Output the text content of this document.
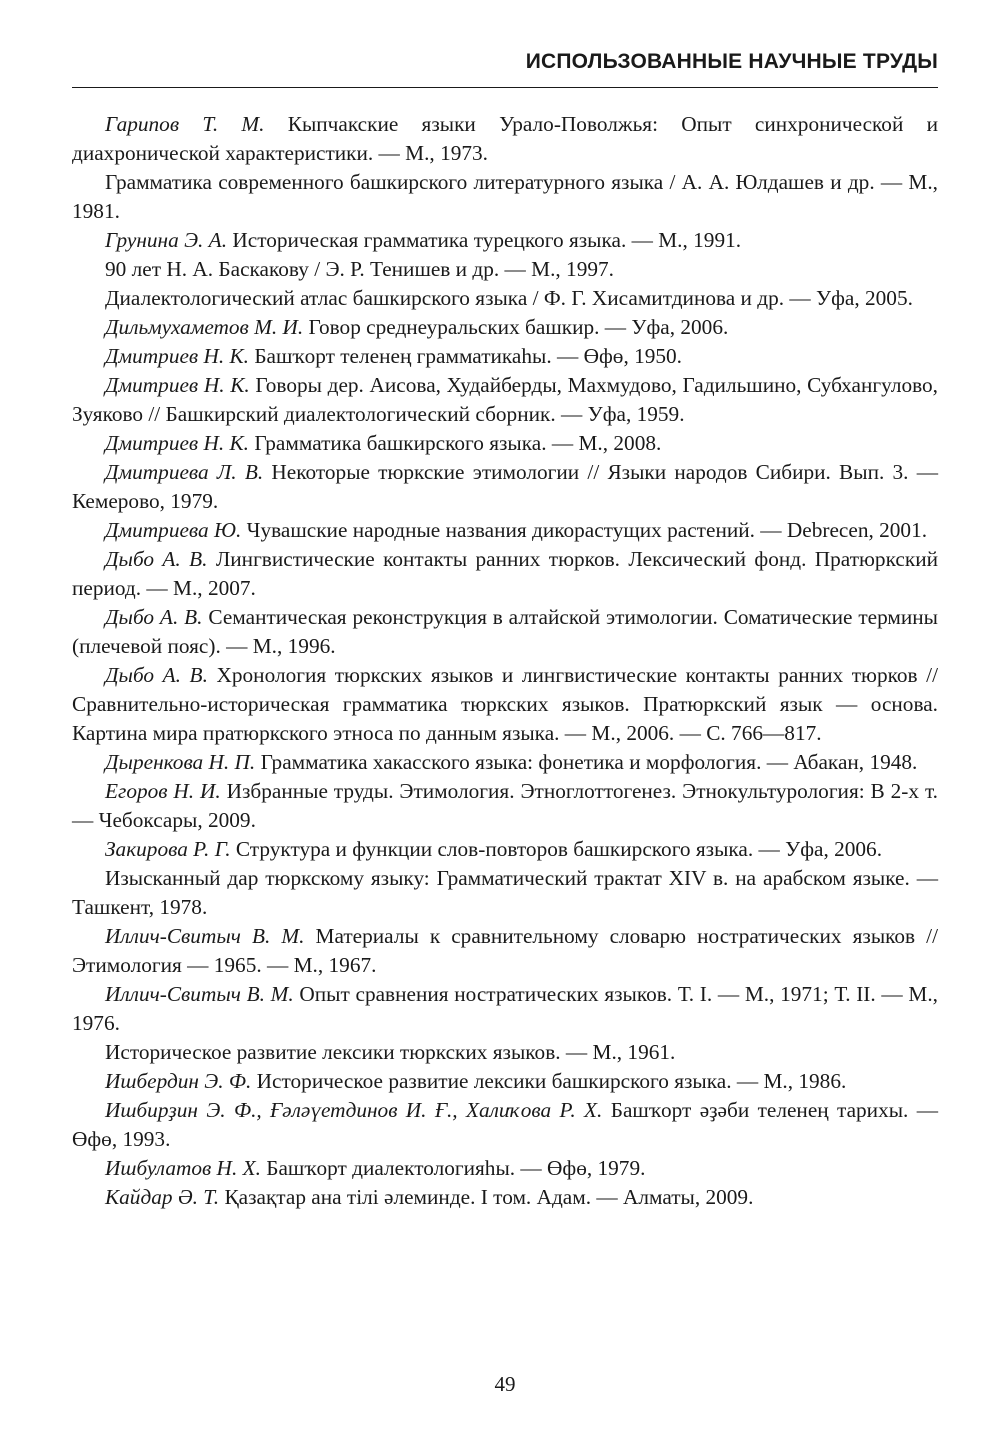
ИСПОЛЬЗОВАННЫЕ НАУЧНЫЕ ТРУДЫ
Гарипов Т. М. Кыпчакские языки Урало-Поволжья: Опыт синхронической и диахронической характеристики. — М., 1973.
Грамматика современного башкирского литературного языка / А. А. Юлдашев и др. — М., 1981.
Грунина Э. А. Историческая грамматика турецкого языка. — М., 1991.
90 лет Н. А. Баскакову / Э. Р. Тенишев и др. — М., 1997.
Диалектологический атлас башкирского языка / Ф. Г. Хисамитдинова и др. — Уфа, 2005.
Дильмухаметов М. И. Говор среднеуральских башкир. — Уфа, 2006.
Дмитриев Н. К. Башҡорт теленең грамматикаһы. — Өфө, 1950.
Дмитриев Н. К. Говоры дер. Аисова, Худайберды, Махмудово, Гадильшино, Субхангулово, Зуяково // Башкирский диалектологический сборник. — Уфа, 1959.
Дмитриев Н. К. Грамматика башкирского языка. — М., 2008.
Дмитриева Л. В. Некоторые тюркские этимологии // Языки народов Сибири. Вып. 3. — Кемерово, 1979.
Дмитриева Ю. Чувашские народные названия дикорастущих растений. — Debrecen, 2001.
Дыбо А. В. Лингвистические контакты ранних тюрков. Лексический фонд. Пратюркский период. — М., 2007.
Дыбо А. В. Семантическая реконструкция в алтайской этимологии. Соматические термины (плечевой пояс). — М., 1996.
Дыбо А. В. Хронология тюркских языков и лингвистические контакты ранних тюрков // Сравнительно-историческая грамматика тюркских языков. Пратюркский язык — основа. Картина мира пратюркского этноса по данным языка. — М., 2006. — С. 766—817.
Дыренкова Н. П. Грамматика хакасского языка: фонетика и морфология. — Абакан, 1948.
Егоров Н. И. Избранные труды. Этимология. Этноглоттогенез. Этнокультурология: В 2-х т. — Чебоксары, 2009.
Закирова Р. Г. Структура и функции слов-повторов башкирского языка. — Уфа, 2006.
Изысканный дар тюркскому языку: Грамматический трактат XIV в. на арабском языке. — Ташкент, 1978.
Иллич-Свитыч В. М. Материалы к сравнительному словарю ностратических языков // Этимология — 1965. — М., 1967.
Иллич-Свитыч В. М. Опыт сравнения ностратических языков. Т. I. — М., 1971; Т. II. — М., 1976.
Историческое развитие лексики тюркских языков. — М., 1961.
Ишбердин Э. Ф. Историческое развитие лексики башкирского языка. — М., 1986.
Ишбирҙин Э. Ф., Ғәләүетдинов И. Ғ., Халиҡова Р. Х. Башҡорт әҙәби теленең тарихы. — Өфө, 1993.
Ишбулатов Н. Х. Башҡорт диалектологияһы. — Өфө, 1979.
Кайдар Ә. Т. Қазақтар ана тілі әлеминде. I том. Адам. — Алматы, 2009.
49
